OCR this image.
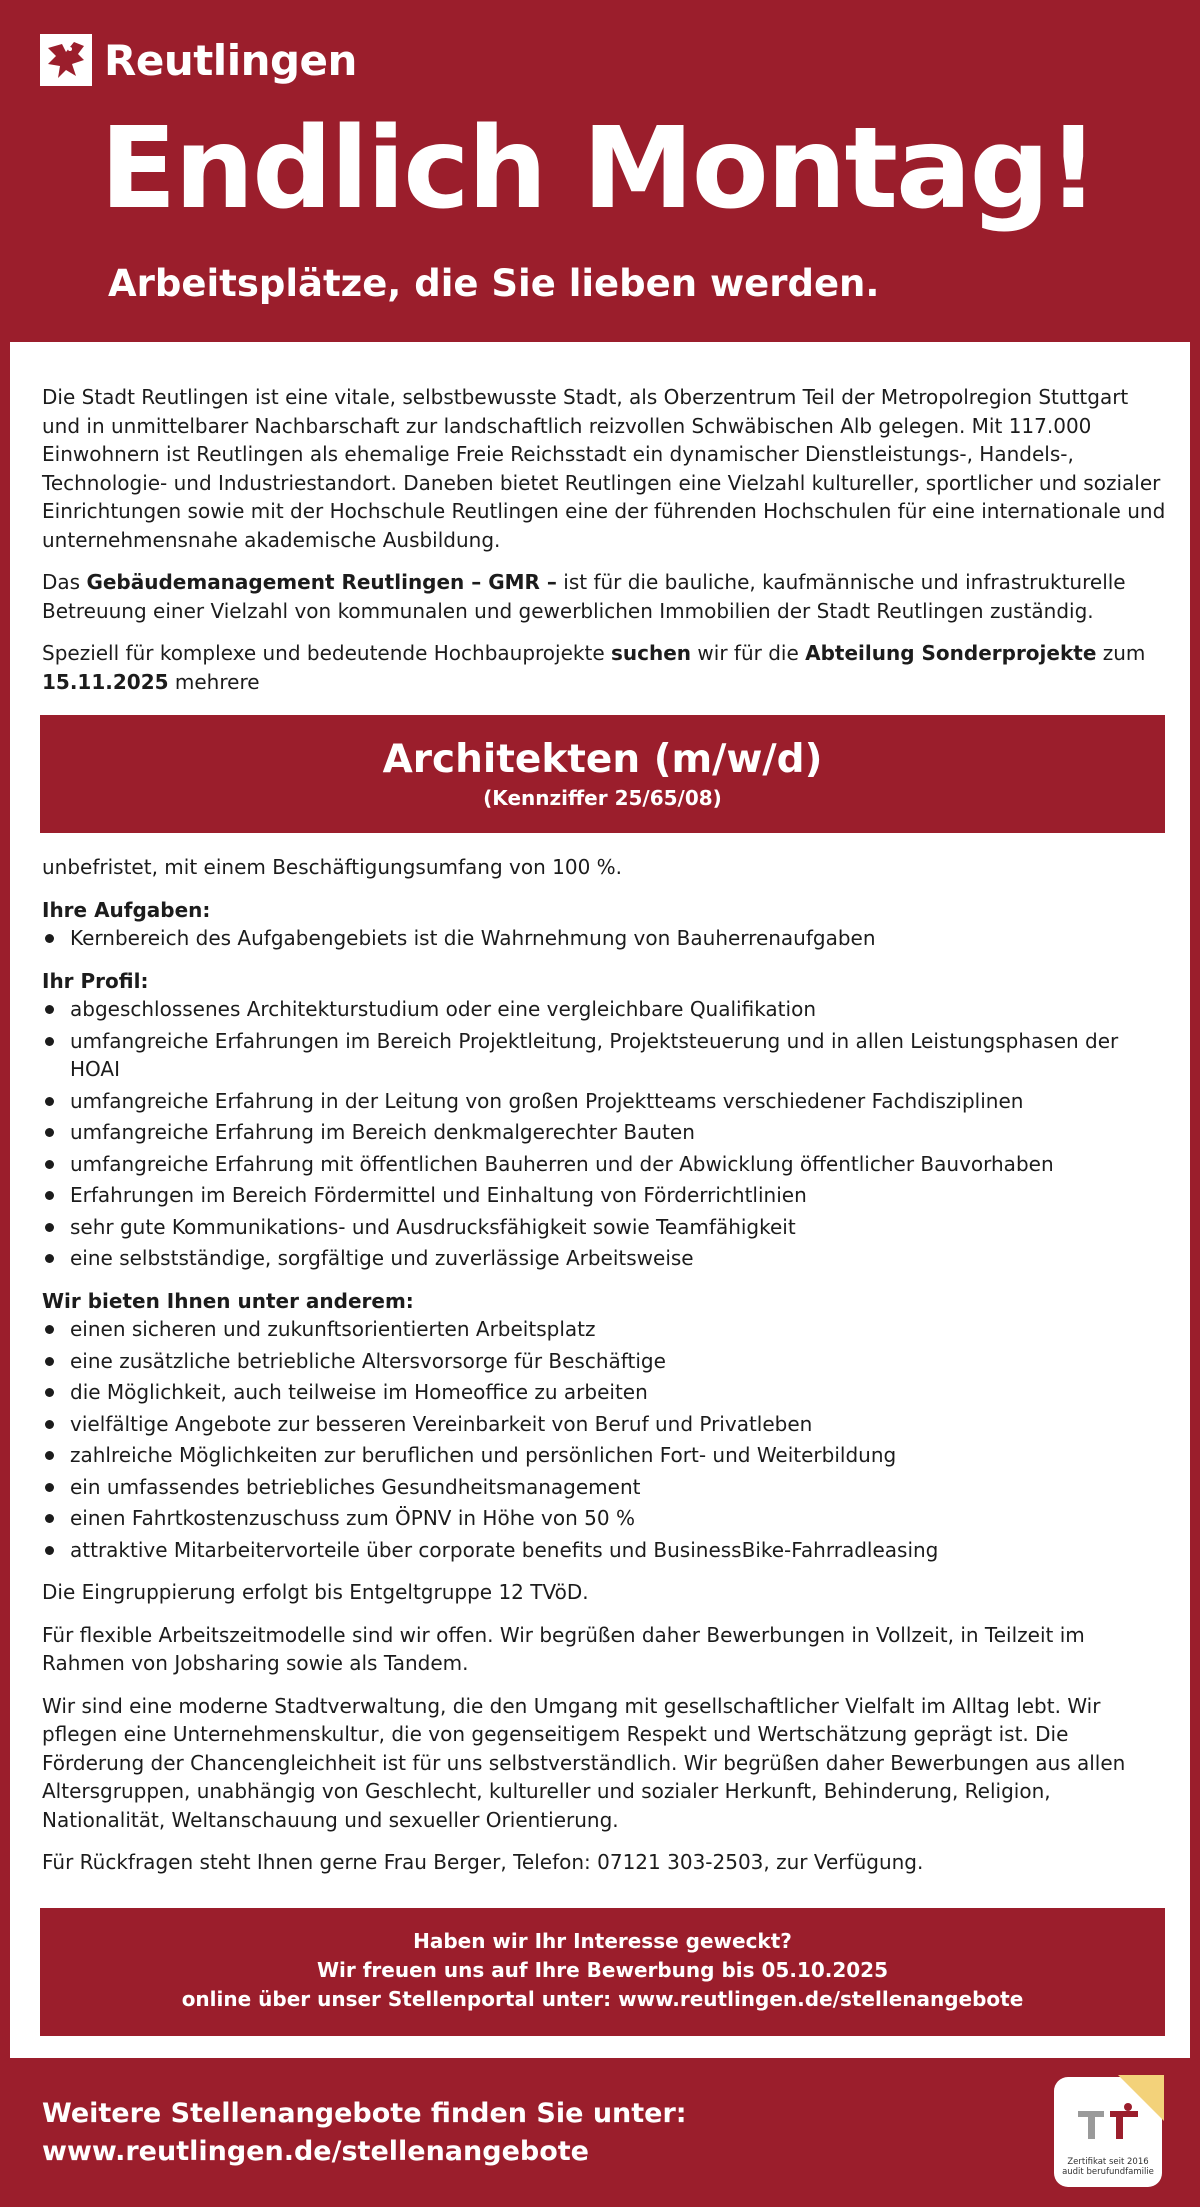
Reutlingen
Endlich Montag!
Arbeitsplätze, die Sie lieben werden.

Die Stadt Reutlingen ist eine vitale, selbstbewusste Stadt, als Oberzentrum Teil der Metropolregion Stuttgart und in unmittelbarer Nachbarschaft zur landschaftlich reizvollen Schwäbischen Alb gelegen. Mit 117.000 Einwohnern ist Reutlingen als ehemalige Freie Reichsstadt ein dynamischer Dienstleistungs-, Handels-, Technologie- und Industriestandort. Daneben bietet Reutlingen eine Vielzahl kultureller, sportlicher und sozialer Einrichtungen sowie mit der Hochschule Reutlingen eine der führenden Hochschulen für eine internationale und unternehmensnahe akademische Ausbildung.

Das Gebäudemanagement Reutlingen – GMR – ist für die bauliche, kaufmännische und infrastrukturelle Betreuung einer Vielzahl von kommunalen und gewerblichen Immobilien der Stadt Reutlingen zuständig.

Speziell für komplexe und bedeutende Hochbauprojekte suchen wir für die Abteilung Sonderprojekte zum 15.11.2025 mehrere

Architekten (m/w/d)
(Kennziffer 25/65/08)

unbefristet, mit einem Beschäftigungsumfang von 100 %.

Ihre Aufgaben:
Kernbereich des Aufgabengebiets ist die Wahrnehmung von Bauherrenaufgaben
Ihr Profil:
abgeschlossenes Architekturstudium oder eine vergleichbare Qualifikation
umfangreiche Erfahrungen im Bereich Projektleitung, Projektsteuerung und in allen Leistungsphasen der HOAI
umfangreiche Erfahrung in der Leitung von großen Projektteams verschiedener Fachdisziplinen
umfangreiche Erfahrung im Bereich denkmalgerechter Bauten
umfangreiche Erfahrung mit öffentlichen Bauherren und der Abwicklung öffentlicher Bauvorhaben
Erfahrungen im Bereich Fördermittel und Einhaltung von Förderrichtlinien
sehr gute Kommunikations- und Ausdrucksfähigkeit sowie Teamfähigkeit
eine selbstständige, sorgfältige und zuverlässige Arbeitsweise
Wir bieten Ihnen unter anderem:
einen sicheren und zukunftsorientierten Arbeitsplatz
eine zusätzliche betriebliche Altersvorsorge für Beschäftige
die Möglichkeit, auch teilweise im Homeoffice zu arbeiten
vielfältige Angebote zur besseren Vereinbarkeit von Beruf und Privatleben
zahlreiche Möglichkeiten zur beruflichen und persönlichen Fort- und Weiterbildung
ein umfassendes betriebliches Gesundheitsmanagement
einen Fahrtkostenzuschuss zum ÖPNV in Höhe von 50 %
attraktive Mitarbeitervorteile über corporate benefits und BusinessBike-Fahrradleasing

Die Eingruppierung erfolgt bis Entgeltgruppe 12 TVöD.

Für flexible Arbeitszeitmodelle sind wir offen. Wir begrüßen daher Bewerbungen in Vollzeit, in Teilzeit im Rahmen von Jobsharing sowie als Tandem.

Wir sind eine moderne Stadtverwaltung, die den Umgang mit gesellschaftlicher Vielfalt im Alltag lebt. Wir pflegen eine Unternehmenskultur, die von gegenseitigem Respekt und Wertschätzung geprägt ist. Die Förderung der Chancengleichheit ist für uns selbstverständlich. Wir begrüßen daher Bewerbungen aus allen Altersgruppen, unabhängig von Geschlecht, kultureller und sozialer Herkunft, Behinderung, Religion, Nationalität, Weltanschauung und sexueller Orientierung.

Für Rückfragen steht Ihnen gerne Frau Berger, Telefon: 07121 303-2503, zur Verfügung.

Haben wir Ihr Interesse geweckt?
Wir freuen uns auf Ihre Bewerbung bis 05.10.2025
online über unser Stellenportal unter: www.reutlingen.de/stellenangebote
Weitere Stellenangebote finden Sie unter:
www.reutlingen.de/stellenangebote	Zertifikat seit 2016
audit berufundfamilie
